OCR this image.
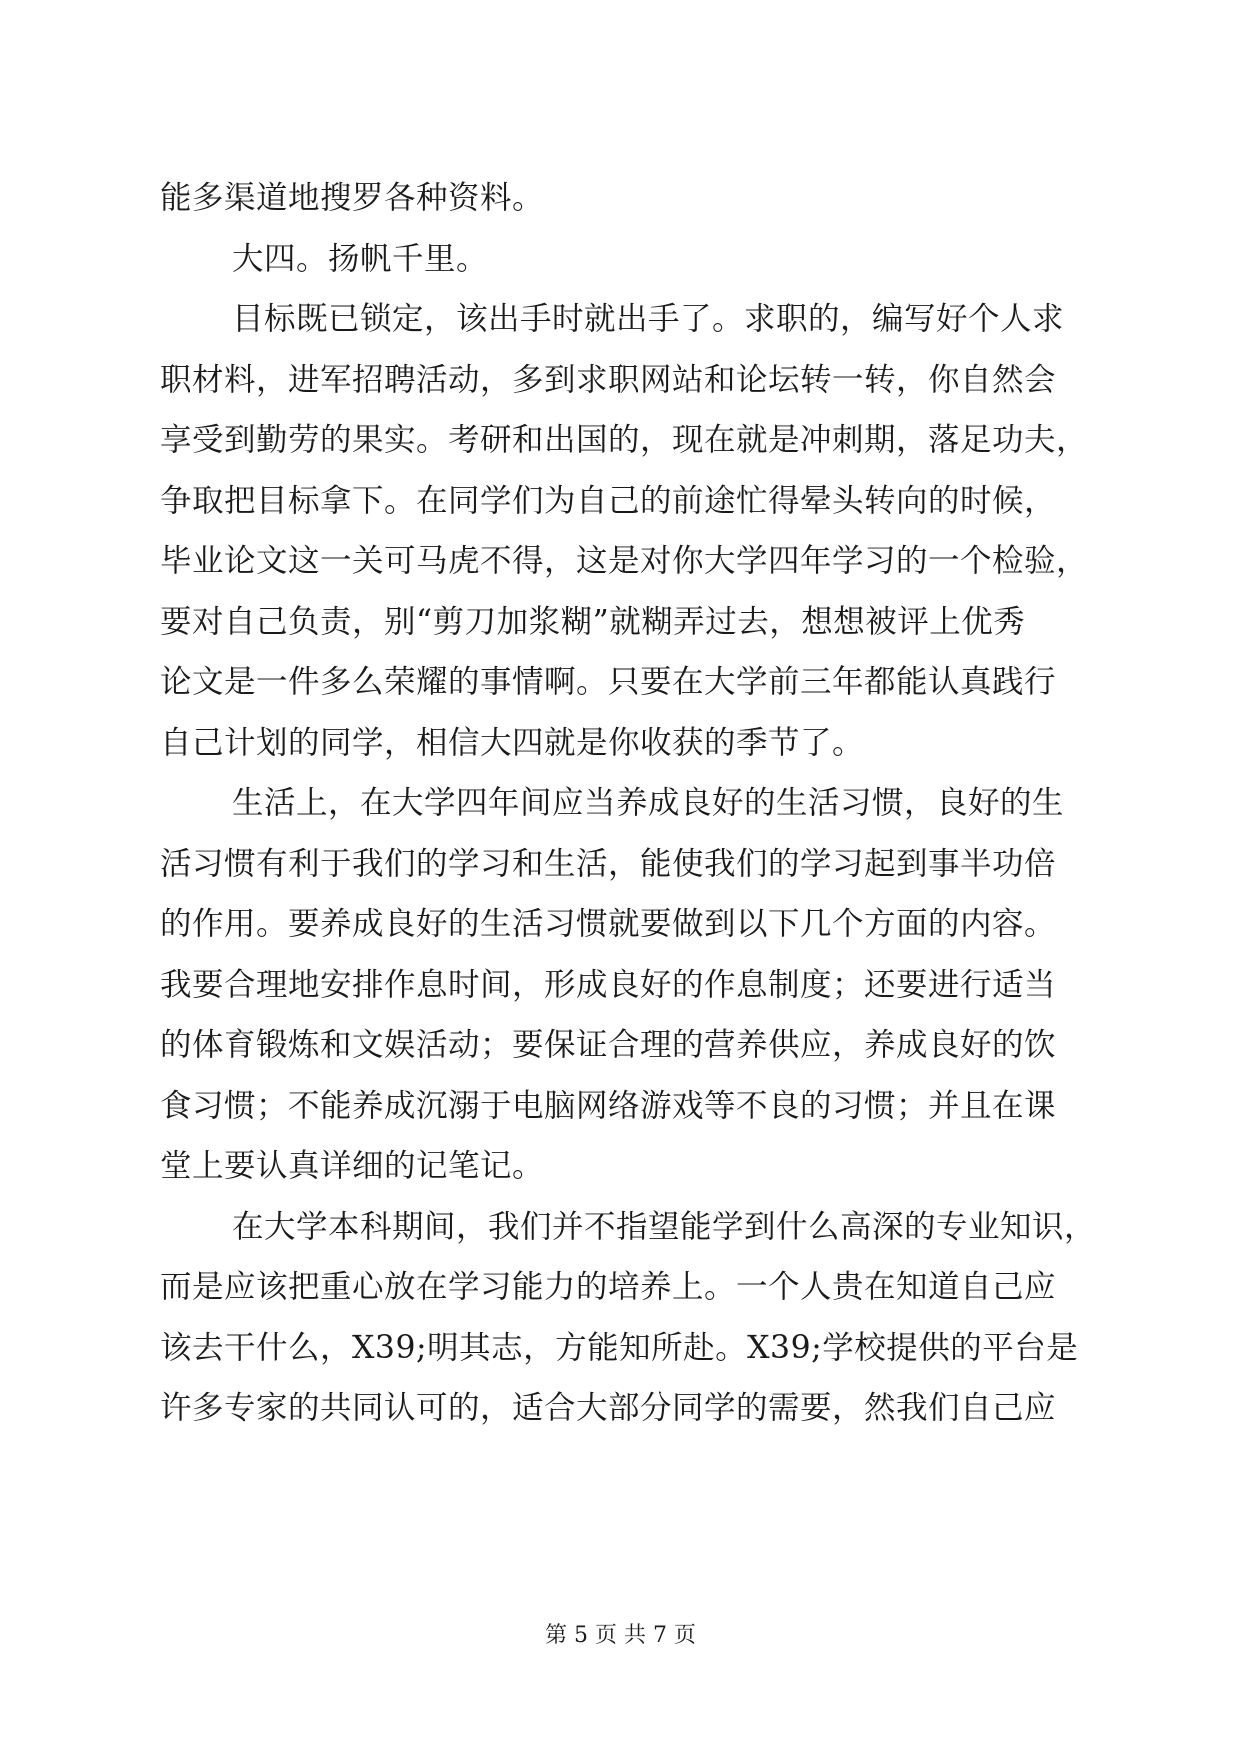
能多渠道地搜罗各种资料。
大四。扬帆千里。
目标既已锁定，该出手时就出手了。求职的，编写好个人求
职材料，进军招聘活动，多到求职网站和论坛转一转，你自然会
享受到勤劳的果实。考研和出国的，现在就是冲刺期，落足功夫，
争取把目标拿下。在同学们为自己的前途忙得晕头转向的时候，
毕业论文这一关可马虎不得，这是对你大学四年学习的一个检验，
要对自己负责，别“剪刀加浆糊”就糊弄过去，想想被评上优秀
论文是一件多么荣耀的事情啊。只要在大学前三年都能认真践行
自己计划的同学，相信大四就是你收获的季节了。
生活上，在大学四年间应当养成良好的生活习惯，良好的生
活习惯有利于我们的学习和生活，能使我们的学习起到事半功倍
的作用。要养成良好的生活习惯就要做到以下几个方面的内容。
我要合理地安排作息时间，形成良好的作息制度；还要进行适当
的体育锻炼和文娱活动；要保证合理的营养供应，养成良好的饮
食习惯；不能养成沉溺于电脑网络游戏等不良的习惯；并且在课
堂上要认真详细的记笔记。
在大学本科期间，我们并不指望能学到什么高深的专业知识，
而是应该把重心放在学习能力的培养上。一个人贵在知道自己应
该去干什么，X39;明其志，方能知所赴。X39;学校提供的平台是
许多专家的共同认可的，适合大部分同学的需要，然我们自己应
第 5 页 共 7 页
